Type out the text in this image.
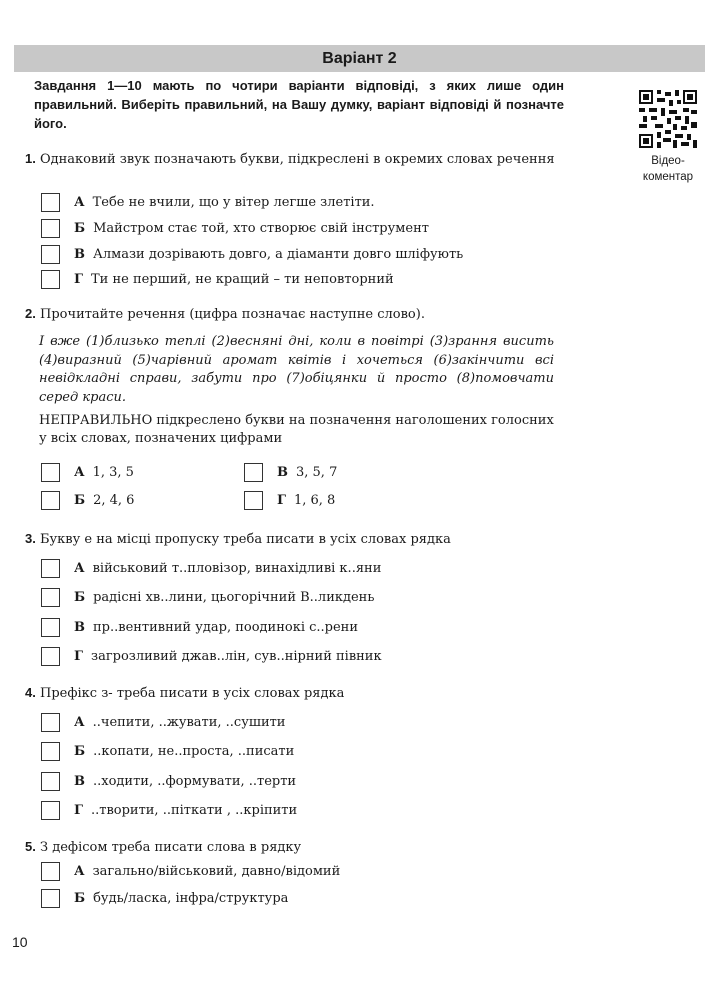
Варіант 2
Завдання 1—10 мають по чотири варіанти відповіді, з яких лише один правильний. Виберіть правильний, на Вашу думку, варіант відповіді й позначте його.
Відео-коментар
1. Однаковий звук позначають букви, підкреслені в окремих словах речення
А Тебе не вчили, що у вітер легше злетіти.
Б Майстром стає той, хто створює свій інструмент
В Алмази дозрівають довго, а діаманти довго шліфують
Г Ти не перший, не кращий – ти неповторний
2. Прочитайте речення (цифра позначає наступне слово).
І вже (1)близько теплі (2)весняні дні, коли в повітрі (3)зрання висить (4)виразний (5)чарівний аромат квітів і хочеться (6)закінчити всі невідкладні справи, забути про (7)обіцянки й просто (8)помовчати серед краси.
НЕПРАВИЛЬНО підкреслено букви на позначення наголошених голосних у всіх словах, позначених цифрами
А 1, 3, 5	В 3, 5, 7
Б 2, 4, 6	Г 1, 6, 8
3. Букву е на місці пропуску треба писати в усіх словах рядка
А військовий т..пловізор, винахідливі к..яни
Б радісні хв..лини, цьогорічний В..ликдень
В пр..вентивний удар, поодинокі с..рени
Г загрозливий джав..лін, сув..нірний півник
4. Префікс з- треба писати в усіх словах рядка
А ..чепити, ..жувати, ..сушити
Б ..копати, не..проста, ..писати
В ..ходити, ..формувати, ..терти
Г ..творити, ..піткати , ..кріпити
5. З дефісом треба писати слова в рядку
А загально/військовий, давно/відомий
Б будь/ласка, інфра/структура
10
